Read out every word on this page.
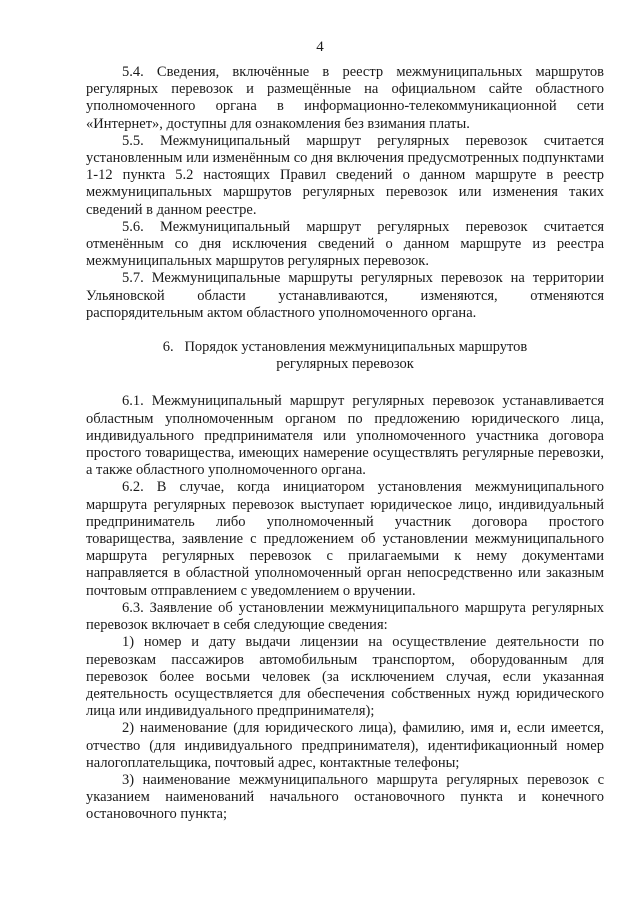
4

5.4. Сведения, включённые в реестр межмуниципальных маршрутов регулярных перевозок и размещённые на официальном сайте областного уполномоченного органа в информационно-телекоммуникационной сети «Интернет», доступны для ознакомления без взимания платы.

5.5. Межмуниципальный маршрут регулярных перевозок считается установленным или изменённым со дня включения предусмотренных подпунктами 1-12 пункта 5.2 настоящих Правил сведений о данном маршруте в реестр межмуниципальных маршрутов регулярных перевозок или изменения таких сведений в данном реестре.

5.6. Межмуниципальный маршрут регулярных перевозок считается отменённым со дня исключения сведений о данном маршруте из реестра межмуниципальных маршрутов регулярных перевозок.

5.7. Межмуниципальные маршруты регулярных перевозок на территории Ульяновской области устанавливаются, изменяются, отменяются распорядительным актом областного уполномоченного органа.

6.   Порядок установления межмуниципальных маршрутов
регулярных перевозок

6.1. Межмуниципальный маршрут регулярных перевозок устанавливается областным уполномоченным органом по предложению юридического лица, индивидуального предпринимателя или уполномоченного участника договора простого товарищества, имеющих намерение осуществлять регулярные перевозки, а также областного уполномоченного органа.

6.2. В случае, когда инициатором установления межмуниципального маршрута регулярных перевозок выступает юридическое лицо, индивидуальный предприниматель либо уполномоченный участник договора простого товарищества, заявление с предложением об установлении межмуниципального маршрута регулярных перевозок с прилагаемыми к нему документами направляется в областной уполномоченный орган непосредственно или заказным почтовым отправлением с уведомлением о вручении.

6.3. Заявление об установлении межмуниципального маршрута регулярных перевозок включает в себя следующие сведения:

1) номер и дату выдачи лицензии на осуществление деятельности по перевозкам пассажиров автомобильным транспортом, оборудованным для перевозок более восьми человек (за исключением случая, если указанная деятельность осуществляется для обеспечения собственных нужд юридического лица или индивидуального предпринимателя);

2) наименование (для юридического лица), фамилию, имя и, если имеется, отчество (для индивидуального предпринимателя), идентификационный номер налогоплательщика, почтовый адрес, контактные телефоны;

3) наименование межмуниципального маршрута регулярных перевозок с указанием наименований начального остановочного пункта и конечного остановочного пункта;
